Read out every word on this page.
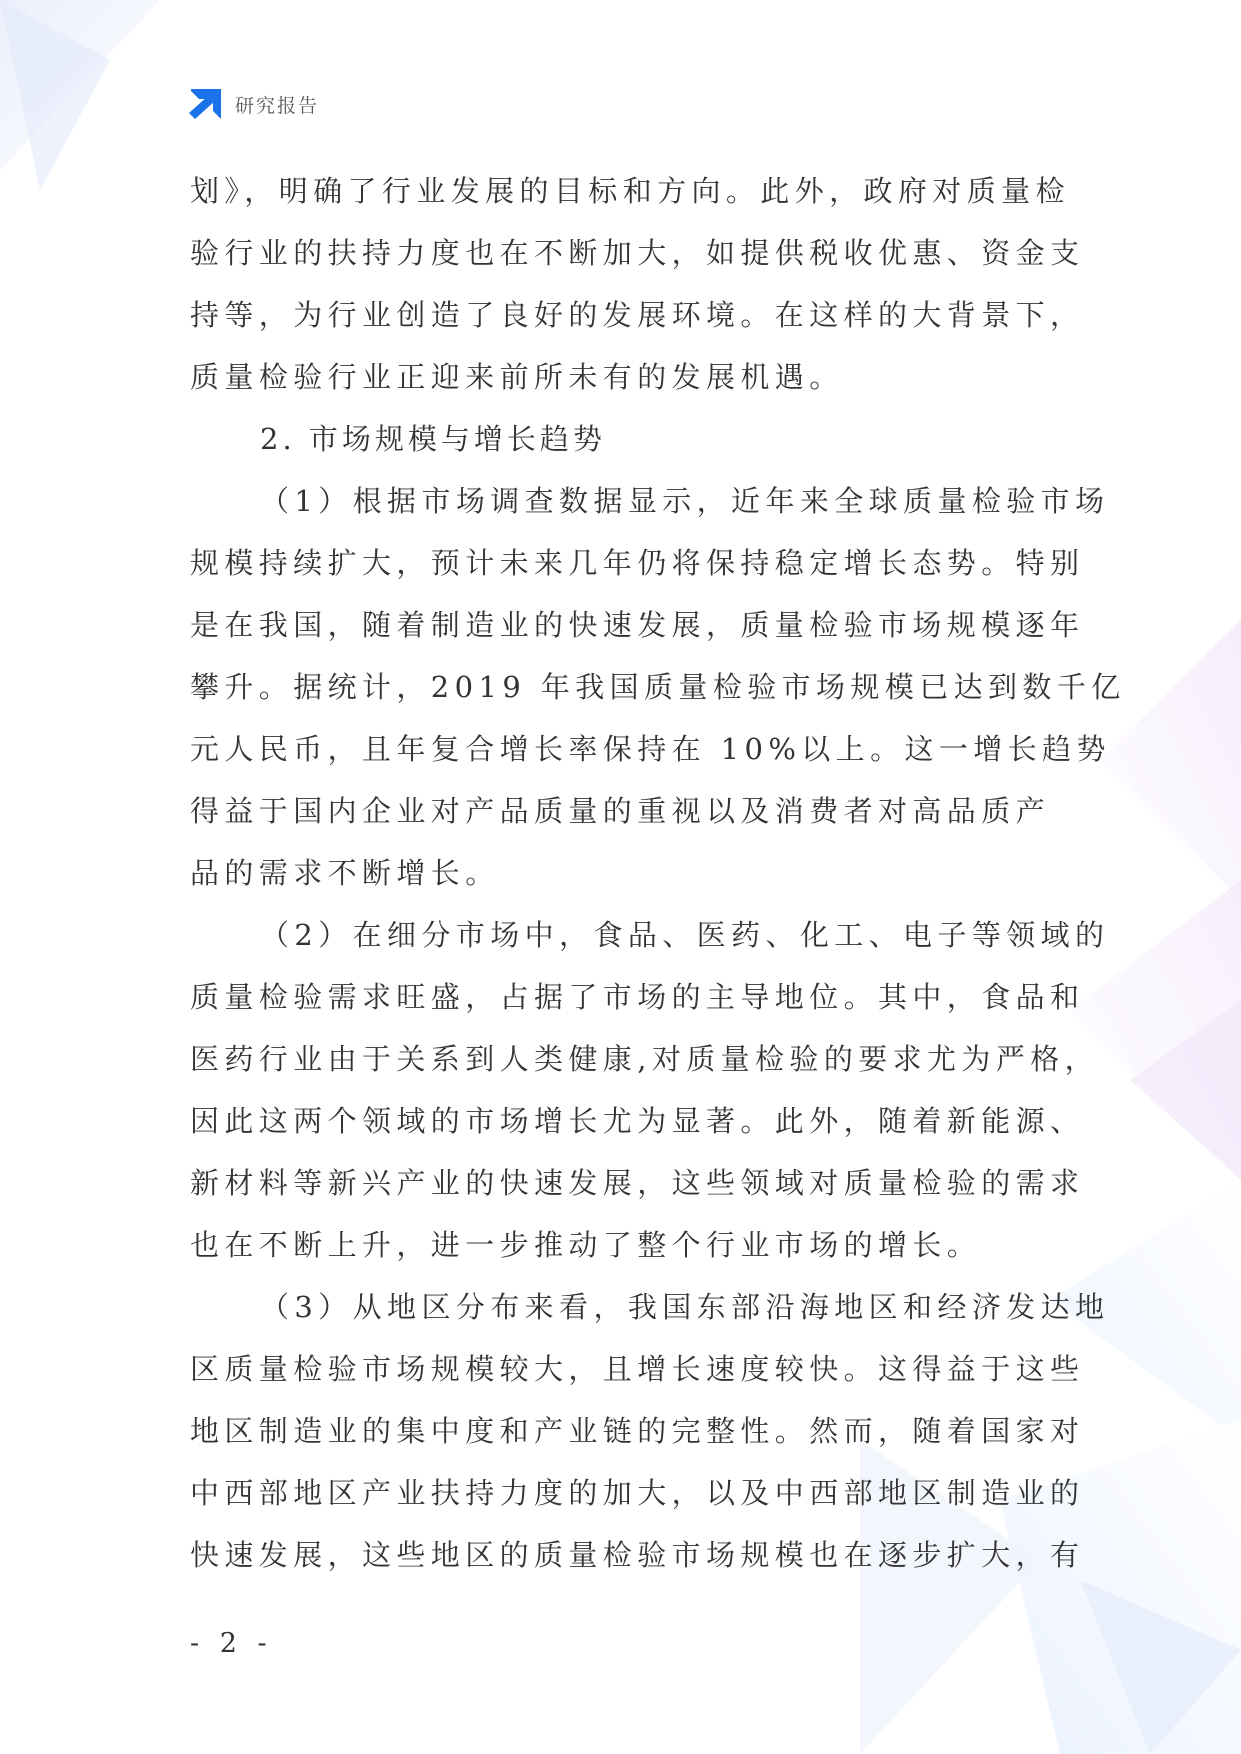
研究报告
划》，明确了行业发展的目标和方向。此外，政府对质量检
验行业的扶持力度也在不断加大，如提供税收优惠、资金支
持等，为行业创造了良好的发展环境。在这样的大背景下，
质量检验行业正迎来前所未有的发展机遇。
2. 市场规模与增长趋势
（1）根据市场调查数据显示，近年来全球质量检验市场
规模持续扩大，预计未来几年仍将保持稳定增长态势。特别
是在我国，随着制造业的快速发展，质量检验市场规模逐年
攀升。据统计，2019 年我国质量检验市场规模已达到数千亿
元人民币，且年复合增长率保持在 10%以上。这一增长趋势
得益于国内企业对产品质量的重视以及消费者对高品质产
品的需求不断增长。
（2）在细分市场中，食品、医药、化工、电子等领域的
质量检验需求旺盛，占据了市场的主导地位。其中，食品和
医药行业由于关系到人类健康,对质量检验的要求尤为严格，
因此这两个领域的市场增长尤为显著。此外，随着新能源、
新材料等新兴产业的快速发展，这些领域对质量检验的需求
也在不断上升，进一步推动了整个行业市场的增长。
（3）从地区分布来看，我国东部沿海地区和经济发达地
区质量检验市场规模较大，且增长速度较快。这得益于这些
地区制造业的集中度和产业链的完整性。然而，随着国家对
中西部地区产业扶持力度的加大，以及中西部地区制造业的
快速发展，这些地区的质量检验市场规模也在逐步扩大，有
- 2 -
